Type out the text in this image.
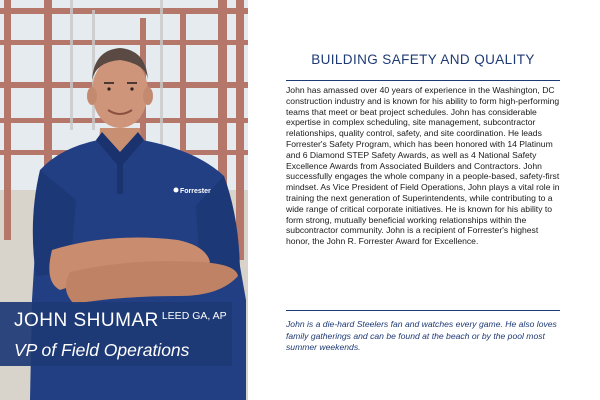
Forrester
JOHN SHUMAR $^{LEED GA, AP}$
VP of Field Operations
BUILDING SAFETY AND QUALITY

John has amassed over 40 years of experience in the Washington, DC construction industry and is known for his ability to form high-performing teams that meet or beat project schedules. John has considerable expertise in complex scheduling, site management, subcontractor relationships, quality control, safety, and site coordination. He leads Forrester's Safety Program, which has been honored with 14 Platinum and 6 Diamond STEP Safety Awards, as well as 4 National Safety Excellence Awards from Associated Builders and Contractors. John successfully engages the whole company in a people-based, safety-first mindset. As Vice President of Field Operations, John plays a vital role in training the next generation of Superintendents, while contributing to a wide range of critical corporate initiatives. He is known for his ability to form strong, mutually beneficial working relationships within the subcontractor community. John is a recipient of Forrester's highest honor, the John R. Forrester Award for Excellence.

John is a die-hard Steelers fan and watches every game. He also loves family gatherings and can be found at the beach or by the pool most summer weekends.
